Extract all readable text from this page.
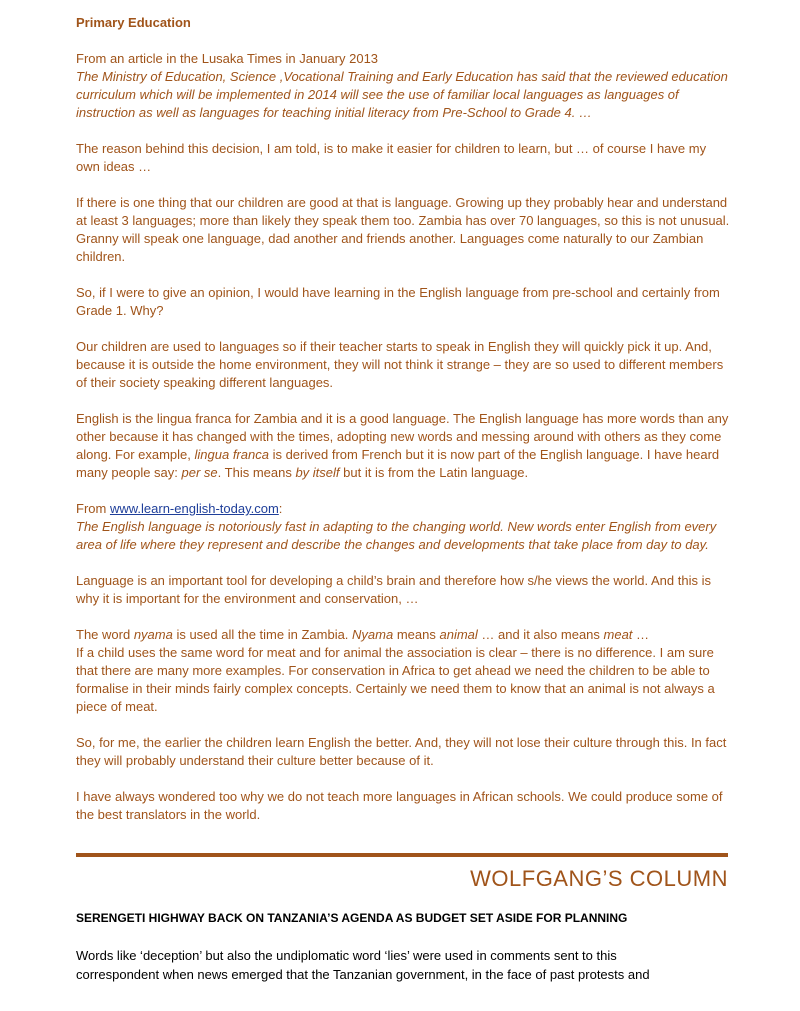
Primary Education
From an article in the Lusaka Times in January 2013
The Ministry of Education, Science ,Vocational Training and Early Education has said that the reviewed education curriculum which will be implemented in 2014 will see the use of familiar local languages as languages of instruction as well as languages for teaching initial literacy from Pre-School to Grade 4. …
The reason behind this decision, I am told, is to make it easier for children to learn, but … of course I have my own ideas …
If there is one thing that our children are good at that is language. Growing up they probably hear and understand at least 3 languages; more than likely they speak them too. Zambia has over 70 languages, so this is not unusual. Granny will speak one language, dad another and friends another. Languages come naturally to our Zambian children.
So, if I were to give an opinion, I would have learning in the English language from pre-school and certainly from Grade 1. Why?
Our children are used to languages so if their teacher starts to speak in English they will quickly pick it up. And, because it is outside the home environment, they will not think it strange – they are so used to different members of their society speaking different languages.
English is the lingua franca for Zambia and it is a good language. The English language has more words than any other because it has changed with the times, adopting new words and messing around with others as they come along. For example, lingua franca is derived from French but it is now part of the English language. I have heard many people say: per se. This means by itself but it is from the Latin language.
From www.learn-english-today.com:
The English language is notoriously fast in adapting to the changing world. New words enter English from every area of life where they represent and describe the changes and developments that take place from day to day.
Language is an important tool for developing a child’s brain and therefore how s/he views the world. And this is why it is important for the environment and conservation, …
The word nyama is used all the time in Zambia. Nyama means animal … and it also means meat …
If a child uses the same word for meat and for animal the association is clear – there is no difference. I am sure that there are many more examples. For conservation in Africa to get ahead we need the children to be able to formalise in their minds fairly complex concepts. Certainly we need them to know that an animal is not always a piece of meat.
So, for me, the earlier the children learn English the better. And, they will not lose their culture through this. In fact they will probably understand their culture better because of it.
I have always wondered too why we do not teach more languages in African schools. We could produce some of the best translators in the world.
WOLFGANG’S COLUMN
SERENGETI HIGHWAY BACK ON TANZANIA’S AGENDA AS BUDGET SET ASIDE FOR PLANNING
Words like ‘deception’ but also the undiplomatic word ‘lies’ were used in comments sent to this
correspondent when news emerged that the Tanzanian government, in the face of past protests and
